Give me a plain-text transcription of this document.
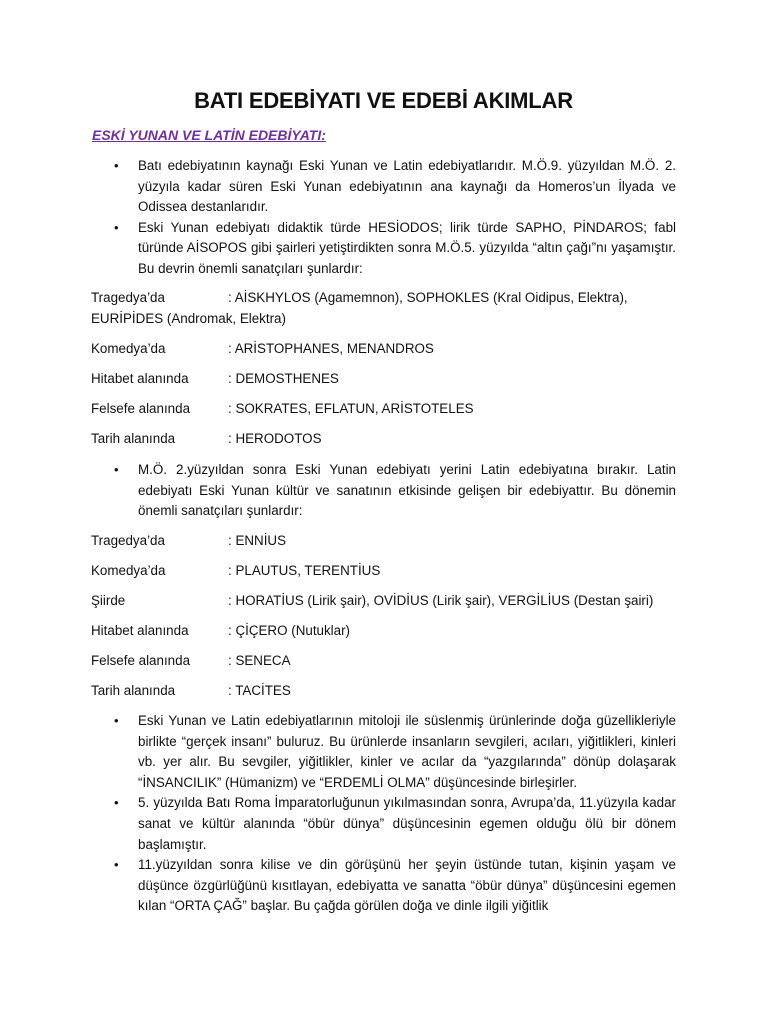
BATI EDEBİYATI VE EDEBİ AKIMLAR

ESKİ YUNAN VE LATİN EDEBİYATI:

• Batı edebiyatının kaynağı Eski Yunan ve Latin edebiyatlarıdır. M.Ö.9. yüzyıldan M.Ö. 2. yüzyıla kadar süren Eski Yunan edebiyatının ana kaynağı da Homeros’un İlyada ve Odissea destanlarıdır.
• Eski Yunan edebiyatı didaktik türde HESİODOS; lirik türde SAPHO, PİNDAROS; fabl türünde AİSOPOS gibi şairleri yetiştirdikten sonra M.Ö.5. yüzyılda “altın çağı”nı yaşamıştır. Bu devrin önemli sanatçıları şunlardır:
Tragedya’da	: AİSKHYLOS (Agamemnon), SOPHOKLES (Kral Oidipus, Elektra),
EURİPİDES (Andromak, Elektra)
Komedya’da	: ARİSTOPHANES, MENANDROS
Hitabet alanında	: DEMOSTHENES
Felsefe alanında	: SOKRATES, EFLATUN, ARİSTOTELES
Tarih alanında	: HERODOTOS
• M.Ö. 2.yüzyıldan sonra Eski Yunan edebiyatı yerini Latin edebiyatına bırakır. Latin edebiyatı Eski Yunan kültür ve sanatının etkisinde gelişen bir edebiyattır. Bu dönemin önemli sanatçıları şunlardır:
Tragedya’da	: ENNİUS
Komedya’da	: PLAUTUS, TERENTİUS
Şiirde	: HORATİUS (Lirik şair), OVİDİUS (Lirik şair), VERGİLİUS (Destan şairi)
Hitabet alanında	: ÇİÇERO (Nutuklar)
Felsefe alanında	: SENECA
Tarih alanında	: TACİTES
• Eski Yunan ve Latin edebiyatlarının mitoloji ile süslenmiş ürünlerinde doğa güzellikleriyle birlikte “gerçek insanı” buluruz. Bu ürünlerde insanların sevgileri, acıları, yiğitlikleri, kinleri vb. yer alır. Bu sevgiler, yiğitlikler, kinler ve acılar da “yazgılarında” dönüp dolaşarak “İNSANCILIK” (Hümanizm) ve “ERDEMLİ OLMA” düşüncesinde birleşirler.
• 5. yüzyılda Batı Roma İmparatorluğunun yıkılmasından sonra, Avrupa’da, 11.yüzyıla kadar sanat ve kültür alanında “öbür dünya” düşüncesinin egemen olduğu ölü bir dönem başlamıştır.
• 11.yüzyıldan sonra kilise ve din görüşünü her şeyin üstünde tutan, kişinin yaşam ve düşünce özgürlüğünü kısıtlayan, edebiyatta ve sanatta “öbür dünya” düşüncesini egemen kılan “ORTA ÇAĞ” başlar. Bu çağda görülen doğa ve dinle ilgili yiğitlik
